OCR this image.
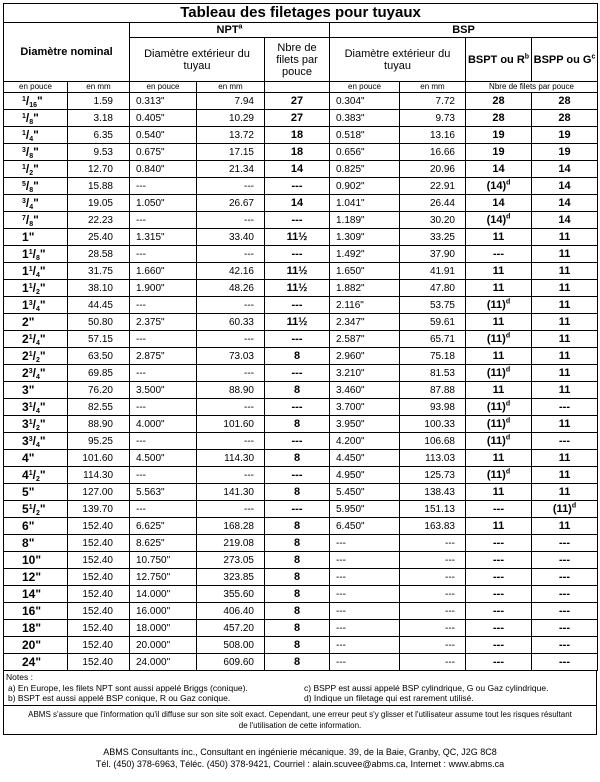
Tableau des filetages pour tuyaux								
Diamètre nominal		NPT$^a$			BSP			
		Diamètre extérieur du tuyau		Nbre de filets par pouce	Diamètre extérieur du tuyau		BSPT ou $R^b$	BSPP ou $G^c$
en pouce	en mm	en pouce	en mm		en pouce	en mm	Nbre de filets par pouce	
$^1/_{16}$"	1.59	0.313"	7.94	27	0.304"	7.72	28	28
$^1/_8$"	3.18	0.405"	10.29	27	0.383"	9.73	28	28
$^1/_4$"	6.35	0.540"	13.72	18	0.518"	13.16	19	19
$^3/_8$"	9.53	0.675"	17.15	18	0.656"	16.66	19	19
$^1/_2$"	12.70	0.840"	21.34	14	0.825"	20.96	14	14
$^5/_8$"	15.88	---	---	---	0.902"	22.91	$(14)^d$	14
$^3/_4$"	19.05	1.050"	26.67	14	1.041"	26.44	14	14
$^7/_8$"	22.23	---	---	---	1.189"	30.20	$(14)^d$	14
1"	25.40	1.315"	33.40	11½	1.309"	33.25	11	11
$1^1/_8$"	28.58	---	---	---	1.492"	37.90	---	11
$1^1/_4$"	31.75	1.660"	42.16	11½	1.650"	41.91	11	11
$1^1/_2$"	38.10	1.900"	48.26	11½	1.882"	47.80	11	11
$1^3/_4$"	44.45	---	---	---	2.116"	53.75	$(11)^d$	11
2"	50.80	2.375"	60.33	11½	2.347"	59.61	11	11
$2^1/_4$"	57.15	---	---	---	2.587"	65.71	$(11)^d$	11
$2^1/_2$"	63.50	2.875"	73.03	8	2.960"	75.18	11	11
$2^3/_4$"	69.85	---	---	---	3.210"	81.53	$(11)^d$	11
3"	76.20	3.500"	88.90	8	3.460"	87.88	11	11
$3^1/_4$"	82.55	---	---	---	3.700"	93.98	$(11)^d$	---
$3^1/_2$"	88.90	4.000"	101.60	8	3.950"	100.33	$(11)^d$	11
$3^3/_4$"	95.25	---	---	---	4.200"	106.68	$(11)^d$	---
4"	101.60	4.500"	114.30	8	4.450"	113.03	11	11
$4^1/_2$"	114.30	---	---	---	4.950"	125.73	$(11)^d$	11
5"	127.00	5.563"	141.30	8	5.450"	138.43	11	11
$5^1/_2$"	139.70	---	---	---	5.950"	151.13	---	$(11)^d$
6"	152.40	6.625"	168.28	8	6.450"	163.83	11	11
8"	152.40	8.625"	219.08	8	---	---	---	---
10"	152.40	10.750"	273.05	8	---	---	---	---
12"	152.40	12.750"	323.85	8	---	---	---	---
14"	152.40	14.000"	355.60	8	---	---	---	---
16"	152.40	16.000"	406.40	8	---	---	---	---
18"	152.40	18.000"	457.20	8	---	---	---	---
20"	152.40	20.000"	508.00	8	---	---	---	---
24"	152.40	24.000"	609.60	8	---	---	---	---
Notes :
a) En Europe, les filets NPT sont aussi appelé Briggs (conique).	c) BSPP est aussi appelé BSP cylindrique, G ou Gaz cylindrique.
b) BSPT est aussi appelé BSP conique, R ou Gaz conique.	d) Indique un filetage qui est rarement utilisé.
ABMS s'assure que l'information qu'il diffuse sur son site soit exact. Cependant, une erreur peut s'y glisser et l'utilisateur assume tout les risques résultant de l'utilisation de cette information.
ABMS Consultants inc., Consultant en ingénierie mécanique. 39, de la Baie, Granby, QC, J2G 8C8
Tél. (450) 378-6963, Téléc. (450) 378-9421, Courriel : alain.scuvee@abms.ca, Internet : www.abms.ca
